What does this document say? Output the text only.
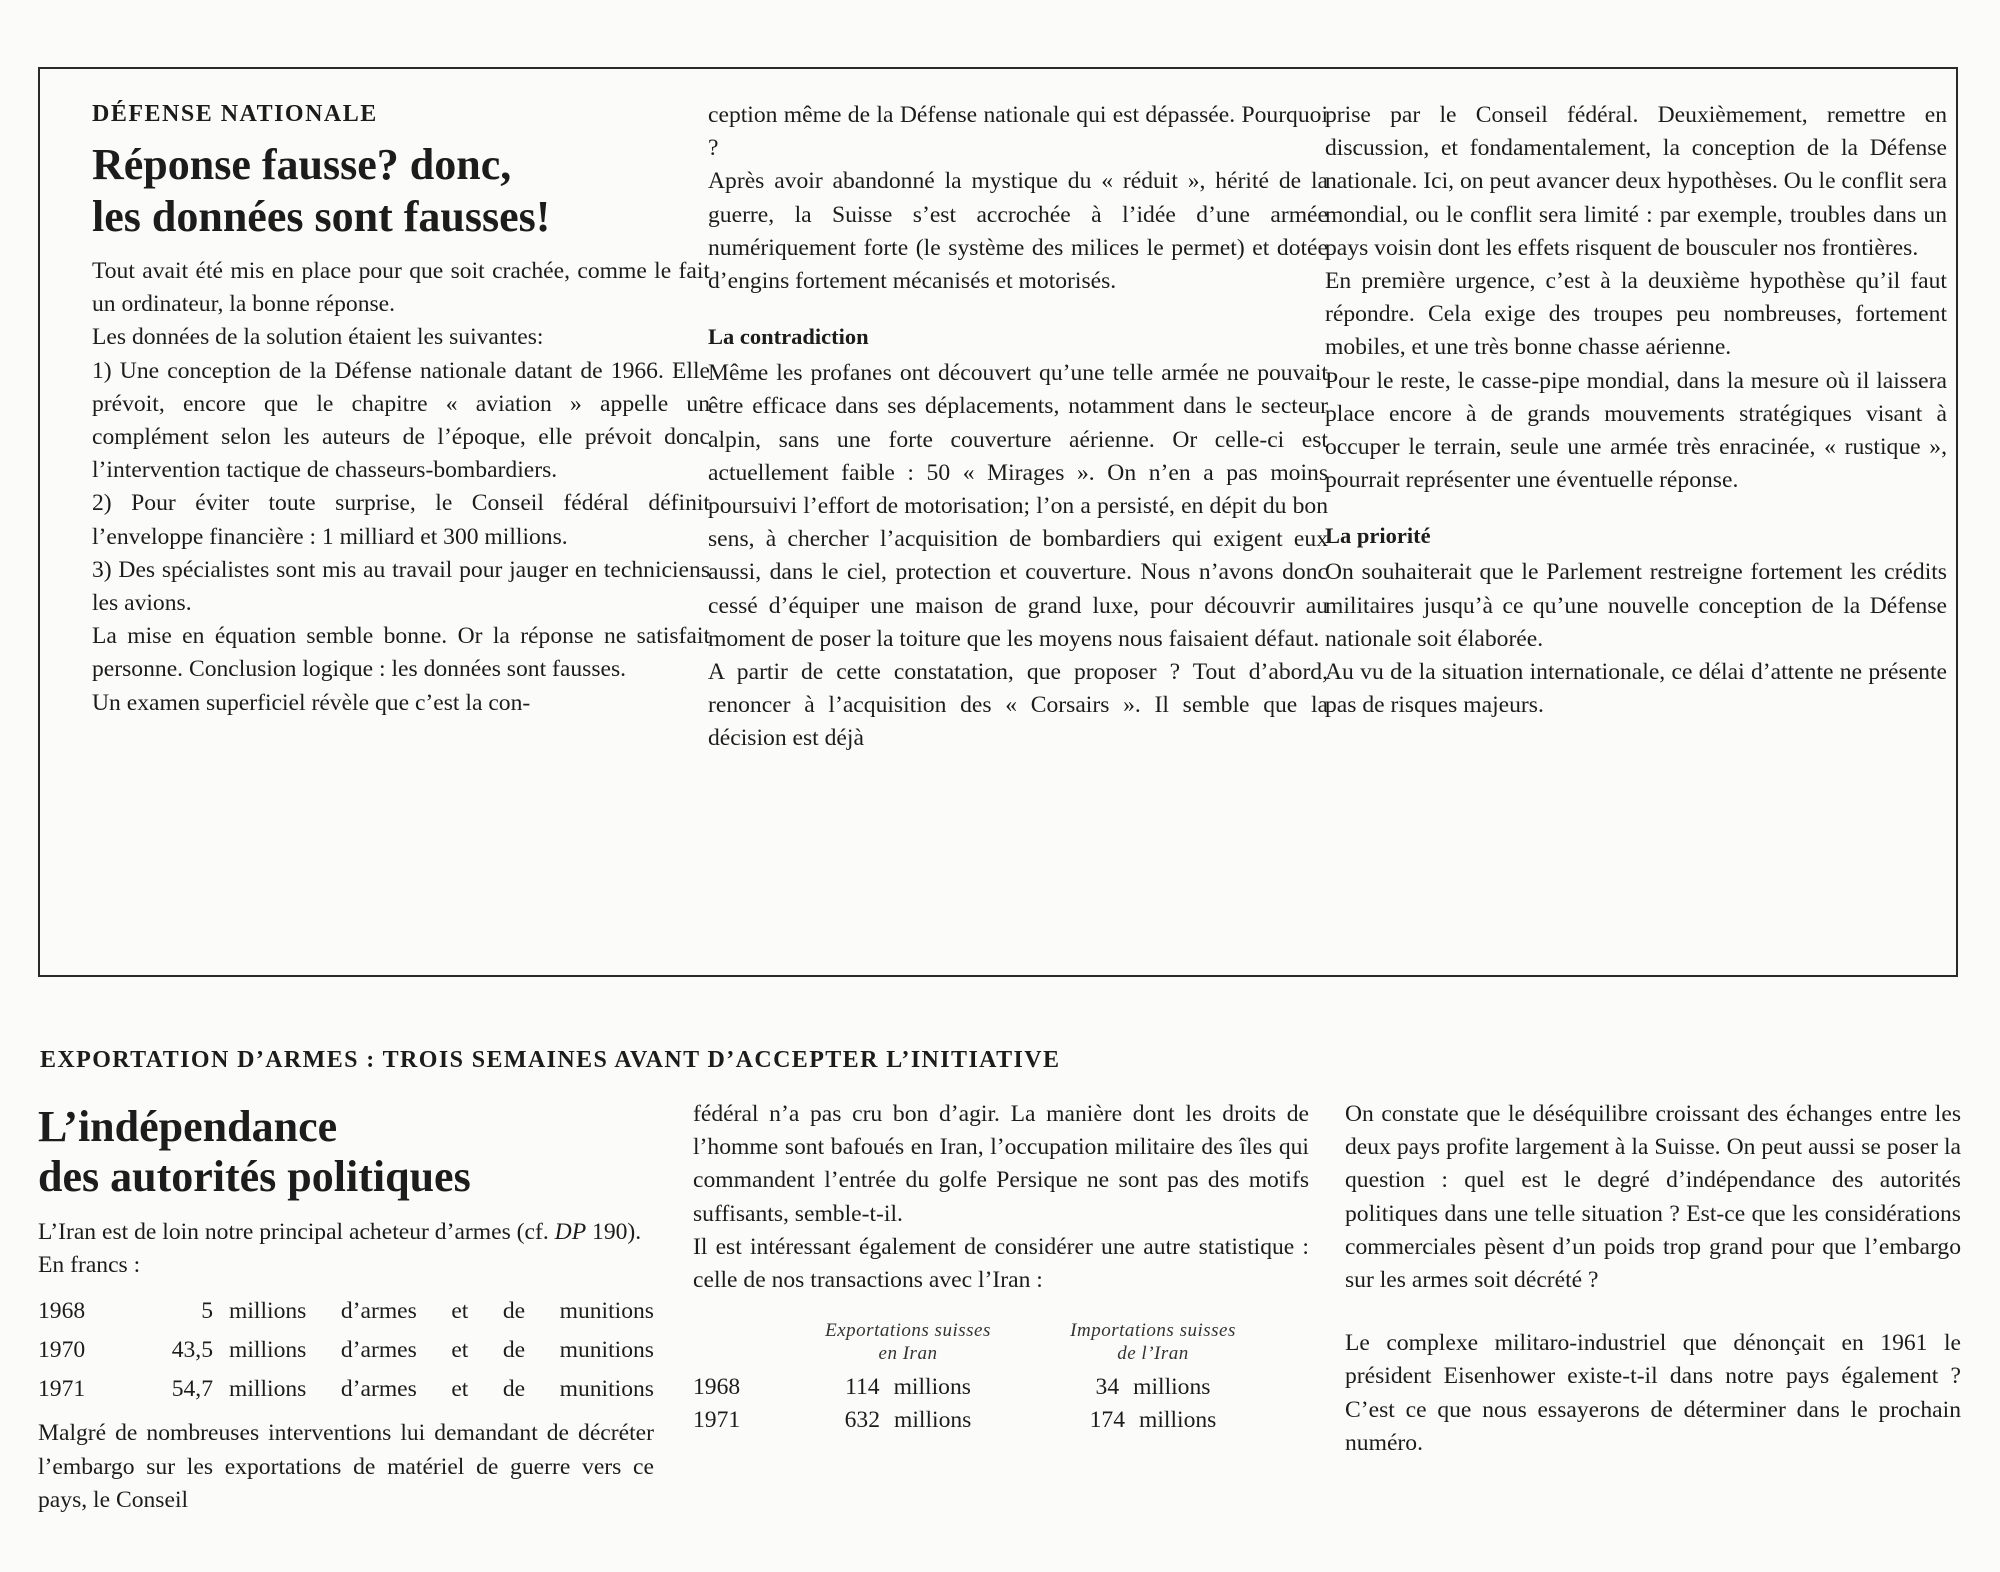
DÉFENSE NATIONALE
Réponse fausse? donc,
les données sont fausses!

Tout avait été mis en place pour que soit crachée, comme le fait un ordinateur, la bonne réponse.

Les données de la solution étaient les suivantes:

1) Une conception de la Défense nationale datant de 1966. Elle prévoit, encore que le chapitre « aviation » appelle un complément selon les auteurs de l’époque, elle prévoit donc l’intervention tactique de chasseurs-bombardiers.

2) Pour éviter toute surprise, le Conseil fédéral définit l’enveloppe financière : 1 milliard et 300 millions.

3) Des spécialistes sont mis au travail pour jauger en techniciens les avions.

La mise en équation semble bonne. Or la réponse ne satisfait personne. Conclusion logique : les données sont fausses.

Un examen superficiel révèle que c’est la con-

ception même de la Défense nationale qui est dépassée. Pourquoi ?

Après avoir abandonné la mystique du « réduit », hérité de la guerre, la Suisse s’est accrochée à l’idée d’une armée numériquement forte (le système des milices le permet) et dotée d’engins fortement mécanisés et motorisés.

La contradiction

Même les profanes ont découvert qu’une telle armée ne pouvait être efficace dans ses déplacements, notamment dans le secteur alpin, sans une forte couverture aérienne. Or celle-ci est actuellement faible : 50 « Mirages ». On n’en a pas moins poursuivi l’effort de motorisation; l’on a persisté, en dépit du bon sens, à chercher l’acquisition de bombardiers qui exigent eux aussi, dans le ciel, protection et couverture. Nous n’avons donc cessé d’équiper une maison de grand luxe, pour découvrir au moment de poser la toiture que les moyens nous faisaient défaut.

A partir de cette constatation, que proposer ? Tout d’abord, renoncer à l’acquisition des « Corsairs ». Il semble que la décision est déjà

prise par le Conseil fédéral. Deuxièmement, remettre en discussion, et fondamentalement, la conception de la Défense nationale. Ici, on peut avancer deux hypothèses. Ou le conflit sera mondial, ou le conflit sera limité : par exemple, troubles dans un pays voisin dont les effets risquent de bousculer nos frontières.

En première urgence, c’est à la deuxième hypothèse qu’il faut répondre. Cela exige des troupes peu nombreuses, fortement mobiles, et une très bonne chasse aérienne.

Pour le reste, le casse-pipe mondial, dans la mesure où il laissera place encore à de grands mouvements stratégiques visant à occuper le terrain, seule une armée très enracinée, « rustique », pourrait représenter une éventuelle réponse.

La priorité

On souhaiterait que le Parlement restreigne fortement les crédits militaires jusqu’à ce qu’une nouvelle conception de la Défense nationale soit élaborée.

Au vu de la situation internationale, ce délai d’attente ne présente pas de risques majeurs.

EXPORTATION D’ARMES : TROIS SEMAINES AVANT D’ACCEPTER L’INITIATIVE
L’indépendance
des autorités politiques

L’Iran est de loin notre principal acheteur d’armes (cf. DP 190). En francs :

1968	5 millions d’armes et de munitions
1970	43,5 millions d’armes et de munitions
1971	54,7 millions d’armes et de munitions

Malgré de nombreuses interventions lui demandant de décréter l’embargo sur les exportations de matériel de guerre vers ce pays, le Conseil

fédéral n’a pas cru bon d’agir. La manière dont les droits de l’homme sont bafoués en Iran, l’occupation militaire des îles qui commandent l’entrée du golfe Persique ne sont pas des motifs suffisants, semble-t-il.

Il est intéressant également de considérer une autre statistique : celle de nos transactions avec l’Iran :

Exportations suisses
en Iran
Importations suisses
de l’Iran
1968	114 millions	34 millions
1971	632 millions	174 millions

On constate que le déséquilibre croissant des échanges entre les deux pays profite largement à la Suisse. On peut aussi se poser la question : quel est le degré d’indépendance des autorités politiques dans une telle situation ? Est-ce que les considérations commerciales pèsent d’un poids trop grand pour que l’embargo sur les armes soit décrété ?

Le complexe militaro-industriel que dénonçait en 1961 le président Eisenhower existe-t-il dans notre pays également ? C’est ce que nous essayerons de déterminer dans le prochain numéro.
